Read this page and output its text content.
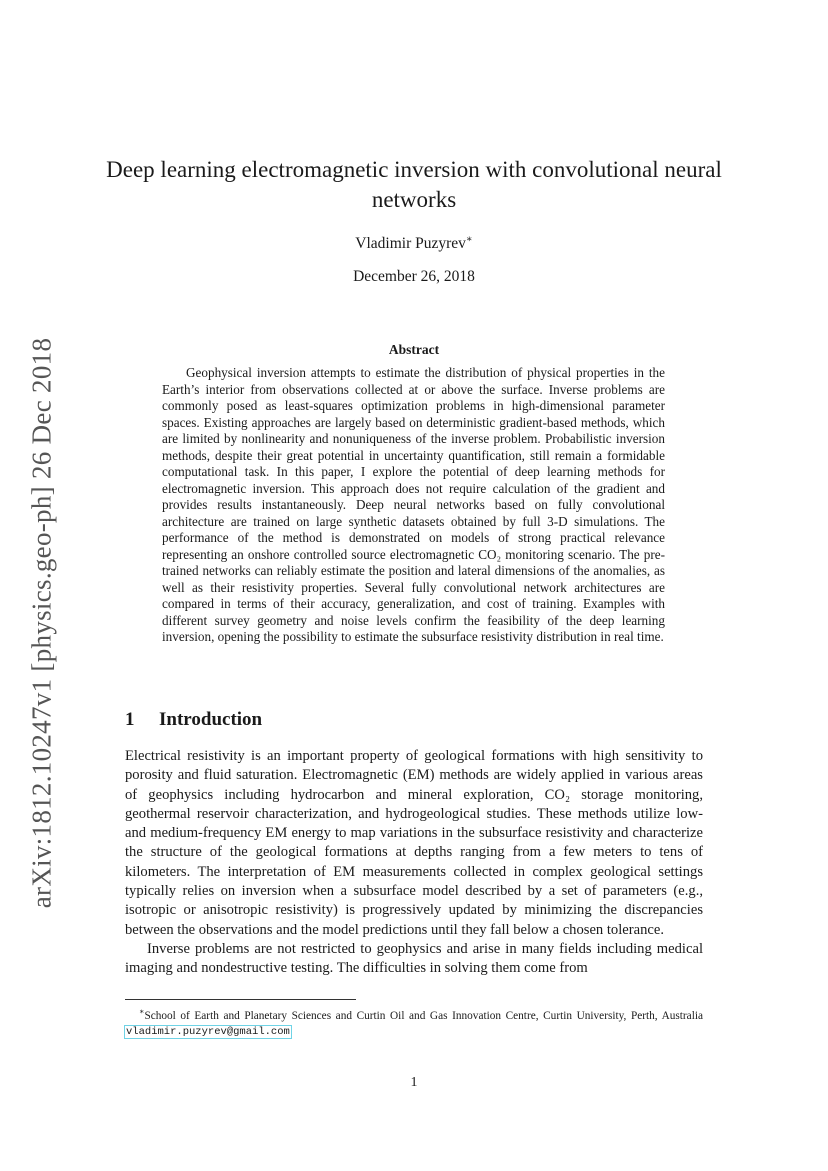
arXiv:1812.10247v1 [physics.geo-ph] 26 Dec 2018
Deep learning electromagnetic inversion with convolutional neural networks
Vladimir Puzyrev∗
December 26, 2018
Abstract
Geophysical inversion attempts to estimate the distribution of physical properties in the Earth’s interior from observations collected at or above the surface. Inverse problems are commonly posed as least-squares optimization problems in high-dimensional parameter spaces. Existing approaches are largely based on deterministic gradient-based methods, which are limited by nonlinearity and nonuniqueness of the inverse problem. Probabilistic inversion methods, despite their great potential in uncertainty quantification, still remain a formidable computational task. In this paper, I explore the potential of deep learning methods for electromagnetic inversion. This approach does not require calculation of the gradient and provides results instantaneously. Deep neural networks based on fully convolutional architecture are trained on large synthetic datasets obtained by full 3-D simulations. The performance of the method is demonstrated on models of strong practical relevance representing an onshore controlled source electromagnetic CO₂ monitoring scenario. The pre-trained networks can reliably estimate the position and lateral dimensions of the anomalies, as well as their resistivity properties. Several fully convolutional network architectures are compared in terms of their accuracy, generalization, and cost of training. Examples with different survey geometry and noise levels confirm the feasibility of the deep learning inversion, opening the possibility to estimate the subsurface resistivity distribution in real time.
1 Introduction

Electrical resistivity is an important property of geological formations with high sensitivity to porosity and fluid saturation. Electromagnetic (EM) methods are widely applied in various areas of geophysics including hydrocarbon and mineral exploration, CO₂ storage monitoring, geothermal reservoir characterization, and hydrogeological studies. These methods utilize low- and medium-frequency EM energy to map variations in the subsurface resistivity and characterize the structure of the geological formations at depths ranging from a few meters to tens of kilometers. The interpretation of EM measurements collected in complex geological settings typically relies on inversion when a subsurface model described by a set of parameters (e.g., isotropic or anisotropic resistivity) is progressively updated by minimizing the discrepancies between the observations and the model predictions until they fall below a chosen tolerance.

Inverse problems are not restricted to geophysics and arise in many fields including medical imaging and nondestructive testing. The difficulties in solving them come from

∗School of Earth and Planetary Sciences and Curtin Oil and Gas Innovation Centre, Curtin University, Perth, Australia vladimir.puzyrev@gmail.com
1
